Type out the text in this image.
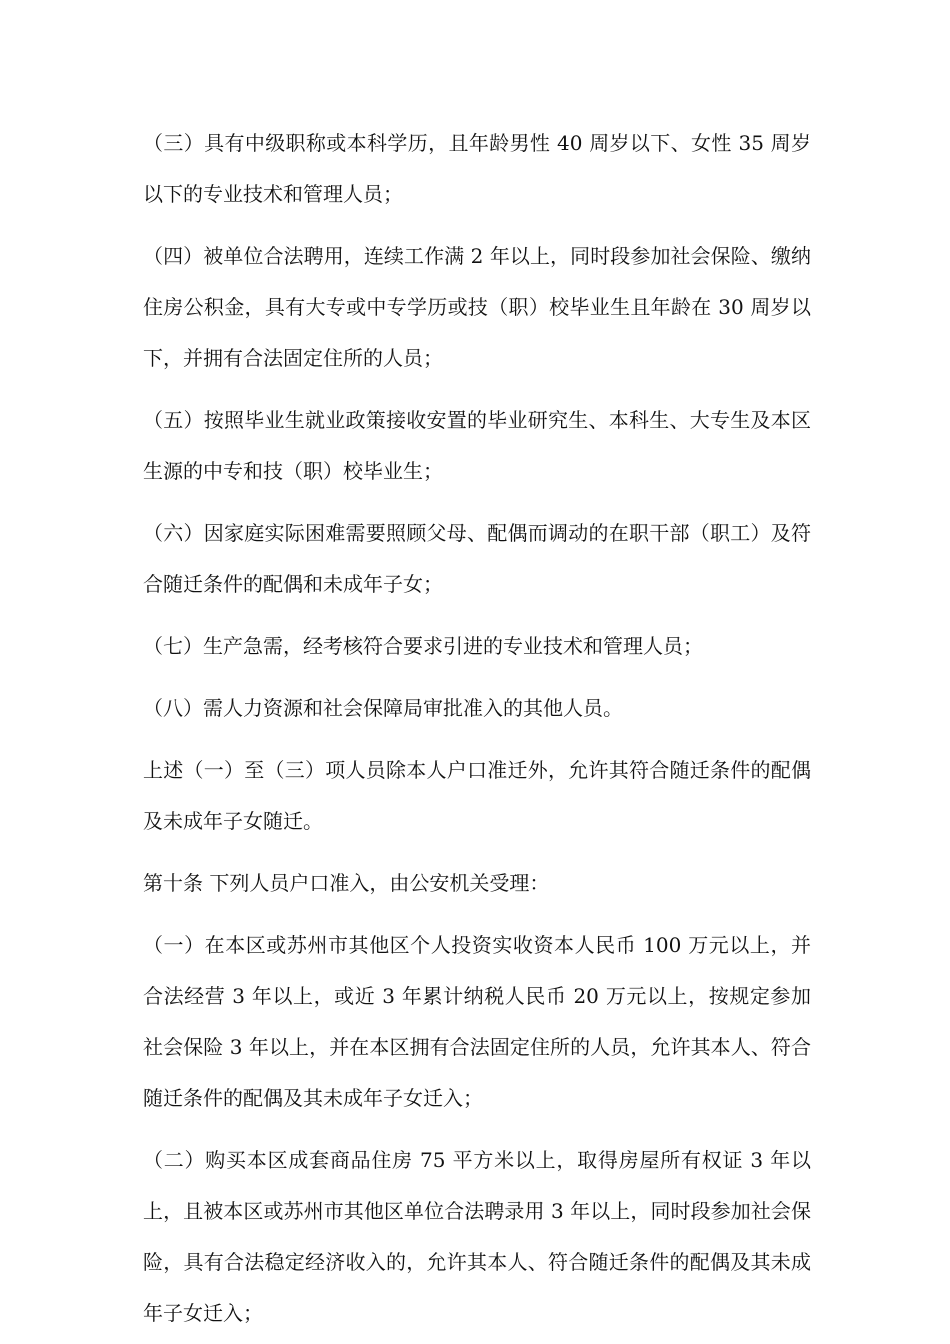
（三）具有中级职称或本科学历，且年龄男性 40 周岁以下、女性 35 周岁以下的专业技术和管理人员；

（四）被单位合法聘用，连续工作满 2 年以上，同时段参加社会保险、缴纳住房公积金，具有大专或中专学历或技（职）校毕业生且年龄在 30 周岁以下，并拥有合法固定住所的人员；

（五）按照毕业生就业政策接收安置的毕业研究生、本科生、大专生及本区生源的中专和技（职）校毕业生；

（六）因家庭实际困难需要照顾父母、配偶而调动的在职干部（职工）及符合随迁条件的配偶和未成年子女；

（七）生产急需，经考核符合要求引进的专业技术和管理人员；

（八）需人力资源和社会保障局审批准入的其他人员。

上述（一）至（三）项人员除本人户口准迁外，允许其符合随迁条件的配偶及未成年子女随迁。

第十条 下列人员户口准入，由公安机关受理：

（一）在本区或苏州市其他区个人投资实收资本人民币 100 万元以上，并合法经营 3 年以上，或近 3 年累计纳税人民币 20 万元以上，按规定参加社会保险 3 年以上，并在本区拥有合法固定住所的人员，允许其本人、符合随迁条件的配偶及其未成年子女迁入；

（二）购买本区成套商品住房 75 平方米以上，取得房屋所有权证 3 年以上，且被本区或苏州市其他区单位合法聘录用 3 年以上，同时段参加社会保险，具有合法稳定经济收入的，允许其本人、符合随迁条件的配偶及其未成年子女迁入；
